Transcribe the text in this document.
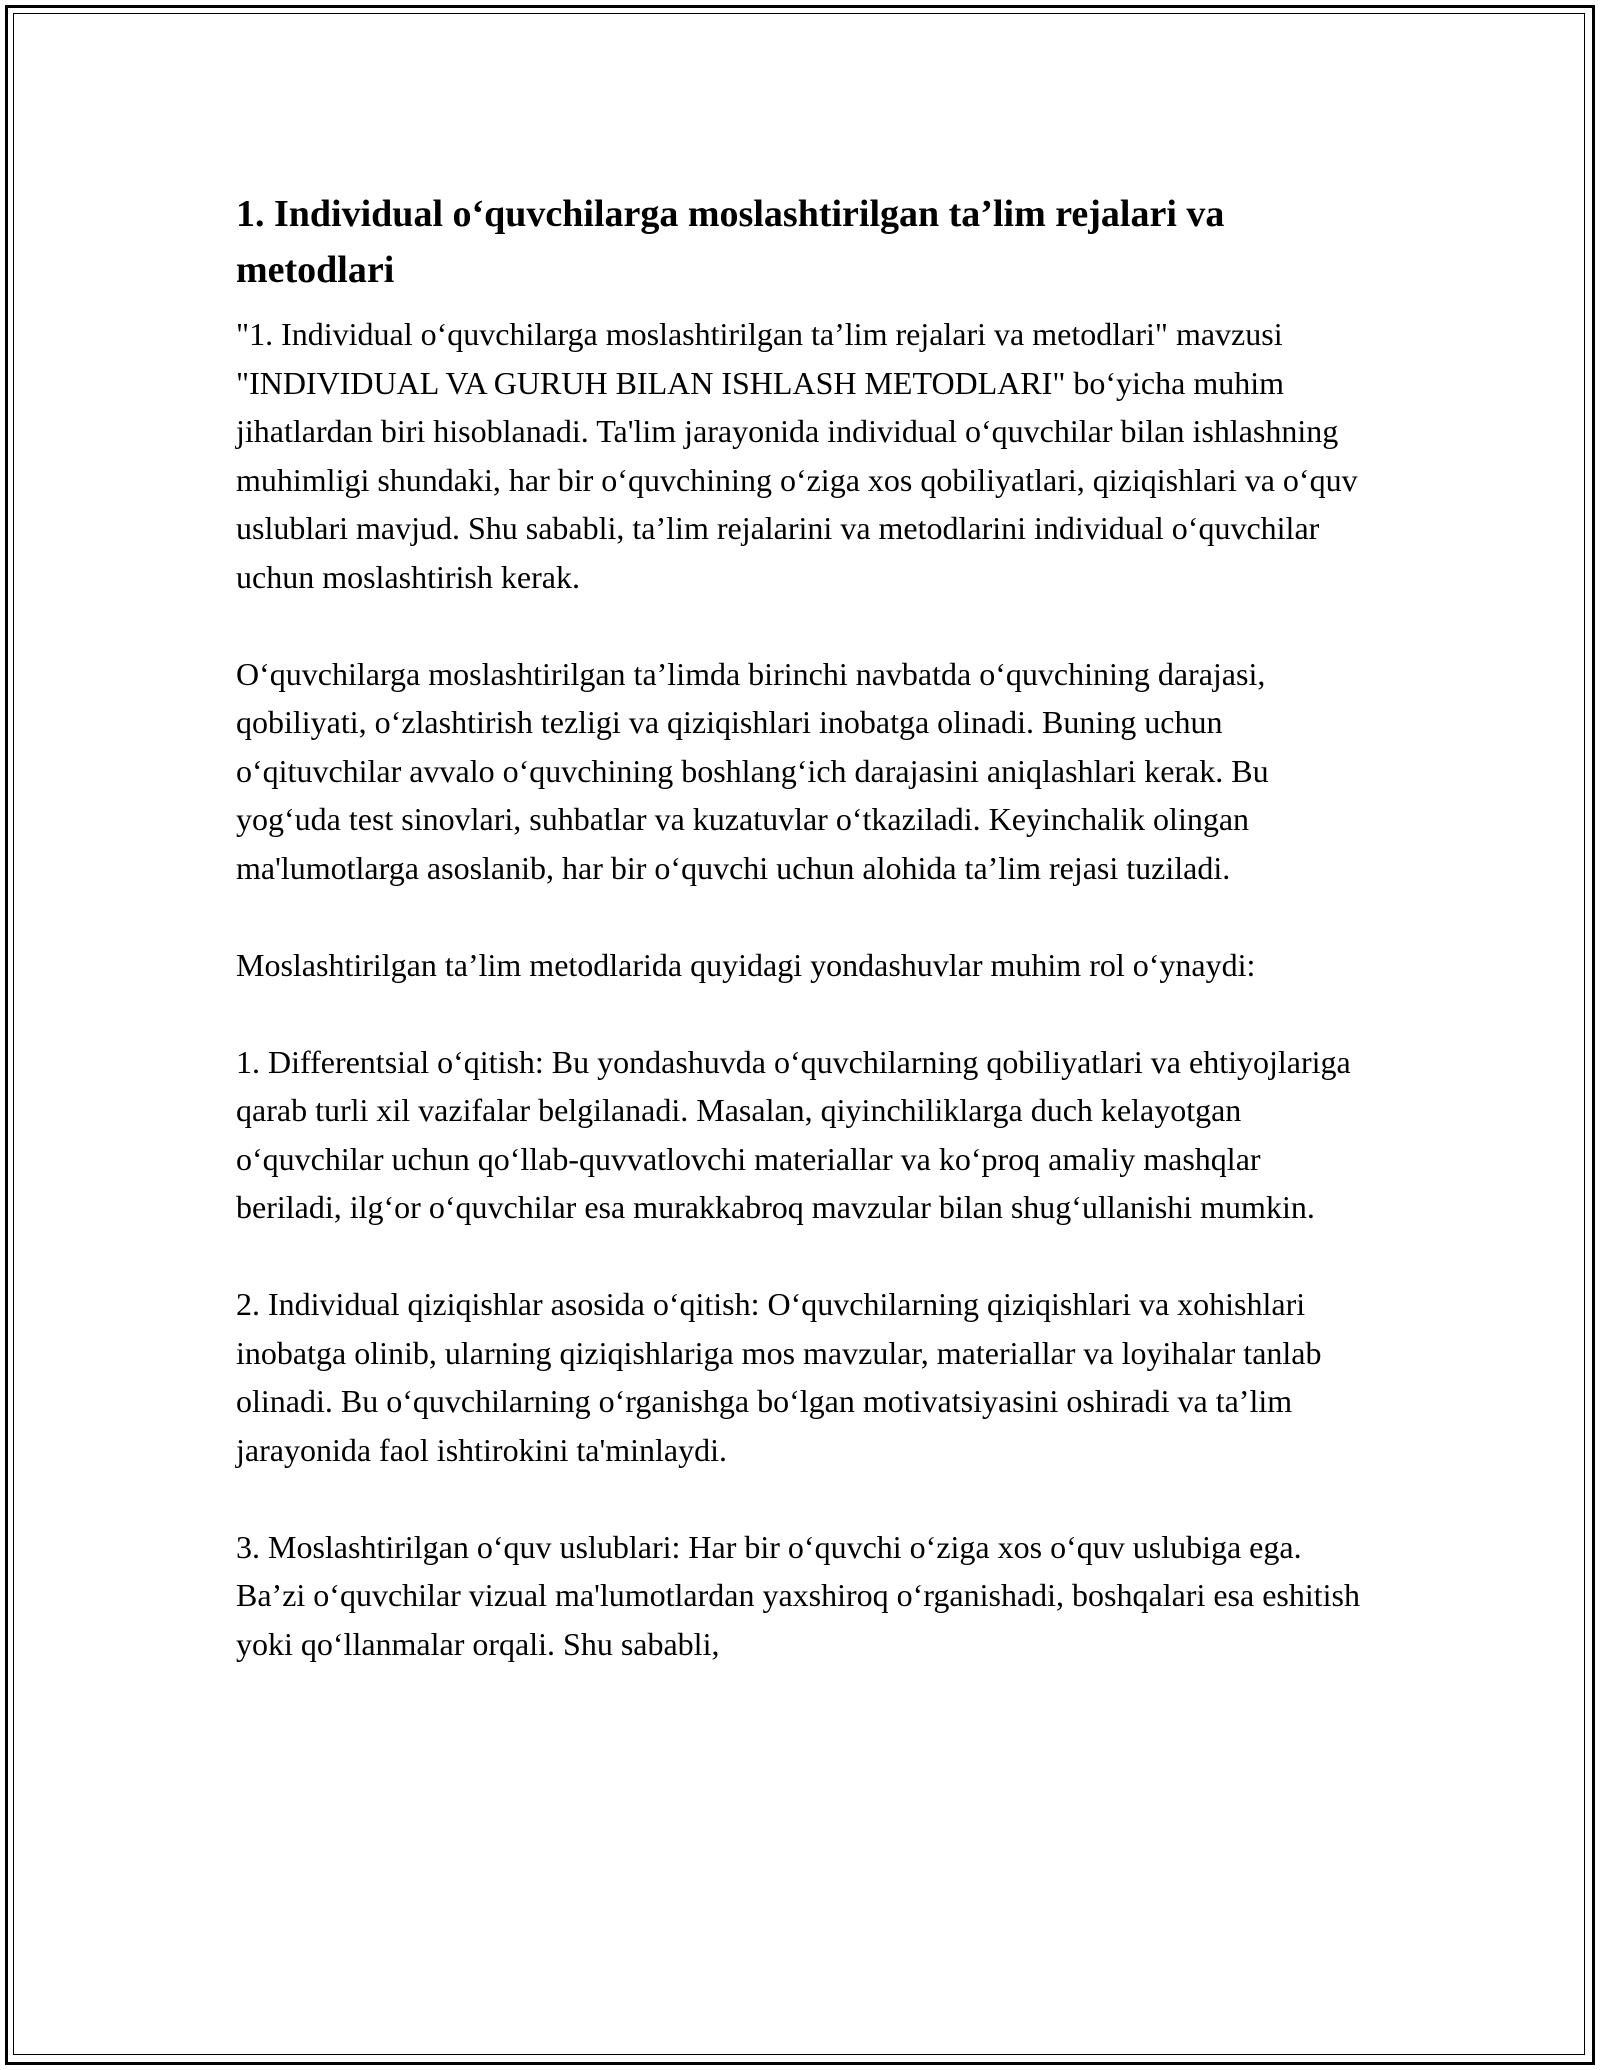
1. Individual o‘quvchilarga moslashtirilgan ta’lim rejalari va metodlari

"1. Individual o‘quvchilarga moslashtirilgan ta’lim rejalari va metodlari" mavzusi "INDIVIDUAL VA GURUH BILAN ISHLASH METODLARI" bo‘yicha muhim jihatlardan biri hisoblanadi. Ta'lim jarayonida individual o‘quvchilar bilan ishlashning muhimligi shundaki, har bir o‘quvchining o‘ziga xos qobiliyatlari, qiziqishlari va o‘quv uslublari mavjud. Shu sababli, ta’lim rejalarini va metodlarini individual o‘quvchilar uchun moslashtirish kerak.

O‘quvchilarga moslashtirilgan ta’limda birinchi navbatda o‘quvchining darajasi, qobiliyati, o‘zlashtirish tezligi va qiziqishlari inobatga olinadi. Buning uchun o‘qituvchilar avvalo o‘quvchining boshlang‘ich darajasini aniqlashlari kerak. Bu yog‘uda test sinovlari, suhbatlar va kuzatuvlar o‘tkaziladi. Keyinchalik olingan ma'lumotlarga asoslanib, har bir o‘quvchi uchun alohida ta’lim rejasi tuziladi.

Moslashtirilgan ta’lim metodlarida quyidagi yondashuvlar muhim rol o‘ynaydi:

1. Differentsial o‘qitish: Bu yondashuvda o‘quvchilarning qobiliyatlari va ehtiyojlariga qarab turli xil vazifalar belgilanadi. Masalan, qiyinchiliklarga duch kelayotgan o‘quvchilar uchun qo‘llab-quvvatlovchi materiallar va ko‘proq amaliy mashqlar beriladi, ilg‘or o‘quvchilar esa murakkabroq mavzular bilan shug‘ullanishi mumkin.

2. Individual qiziqishlar asosida o‘qitish: O‘quvchilarning qiziqishlari va xohishlari inobatga olinib, ularning qiziqishlariga mos mavzular, materiallar va loyihalar tanlab olinadi. Bu o‘quvchilarning o‘rganishga bo‘lgan motivatsiyasini oshiradi va ta’lim jarayonida faol ishtirokini ta'minlaydi.

3. Moslashtirilgan o‘quv uslublari: Har bir o‘quvchi o‘ziga xos o‘quv uslubiga ega. Ba’zi o‘quvchilar vizual ma'lumotlardan yaxshiroq o‘rganishadi, boshqalari esa eshitish yoki qo‘llanmalar orqali. Shu sababli,
